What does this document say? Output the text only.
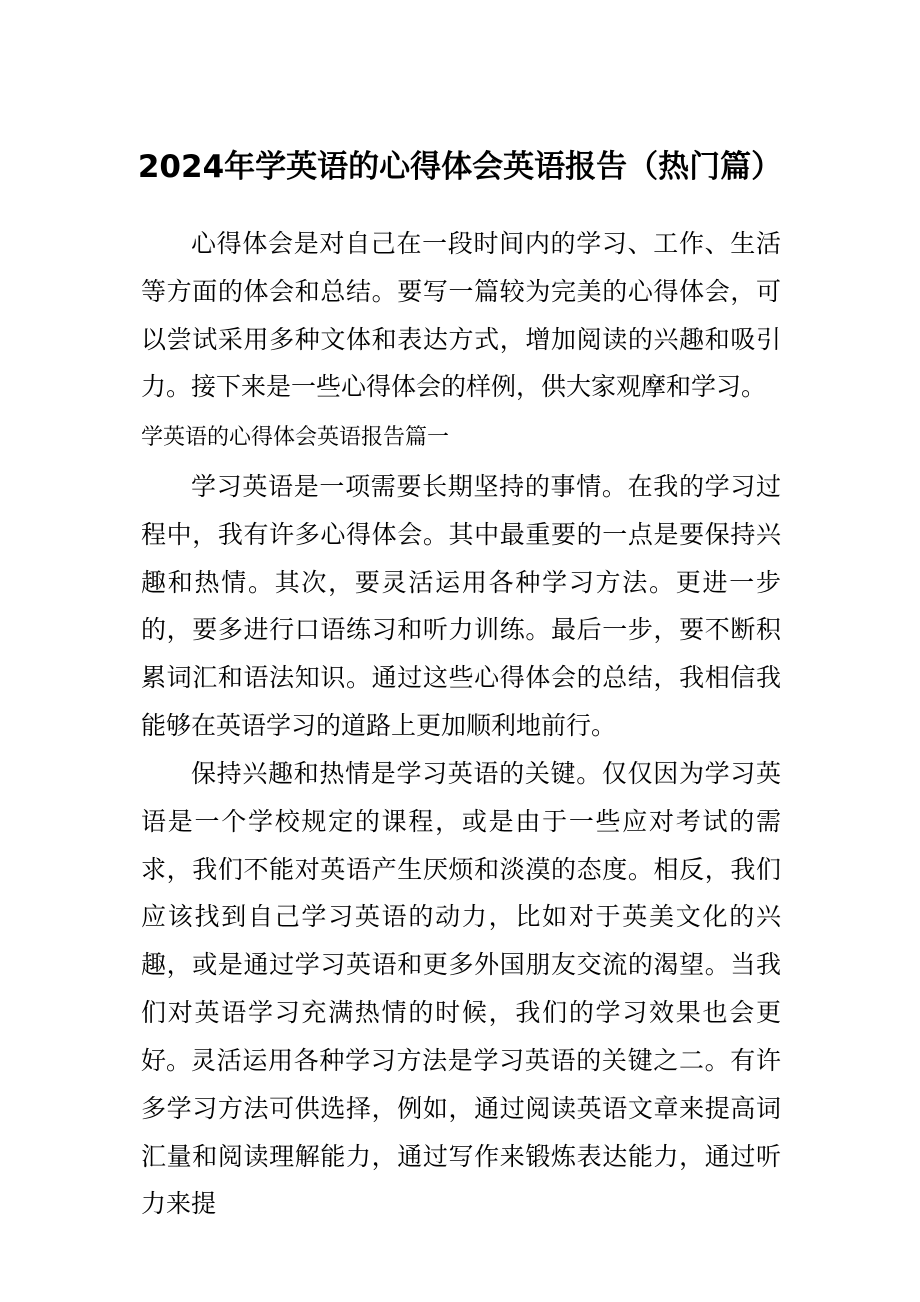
2024年学英语的心得体会英语报告（热门篇）

心得体会是对自己在一段时间内的学习、工作、生活等方面的体会和总结。要写一篇较为完美的心得体会，可以尝试采用多种文体和表达方式，增加阅读的兴趣和吸引力。接下来是一些心得体会的样例，供大家观摩和学习。

学英语的心得体会英语报告篇一

学习英语是一项需要长期坚持的事情。在我的学习过程中，我有许多心得体会。其中最重要的一点是要保持兴趣和热情。其次，要灵活运用各种学习方法。更进一步的，要多进行口语练习和听力训练。最后一步，要不断积累词汇和语法知识。通过这些心得体会的总结，我相信我能够在英语学习的道路上更加顺利地前行。

保持兴趣和热情是学习英语的关键。仅仅因为学习英语是一个学校规定的课程，或是由于一些应对考试的需求，我们不能对英语产生厌烦和淡漠的态度。相反，我们应该找到自己学习英语的动力，比如对于英美文化的兴趣，或是通过学习英语和更多外国朋友交流的渴望。当我们对英语学习充满热情的时候，我们的学习效果也会更好。 灵活运用各种学习方法是学习英语的关键之二。有许多学习方法可供选择，例如，通过阅读英语文章来提高词汇量和阅读理解能力，通过写作来锻炼表达能力，通过听力来提
